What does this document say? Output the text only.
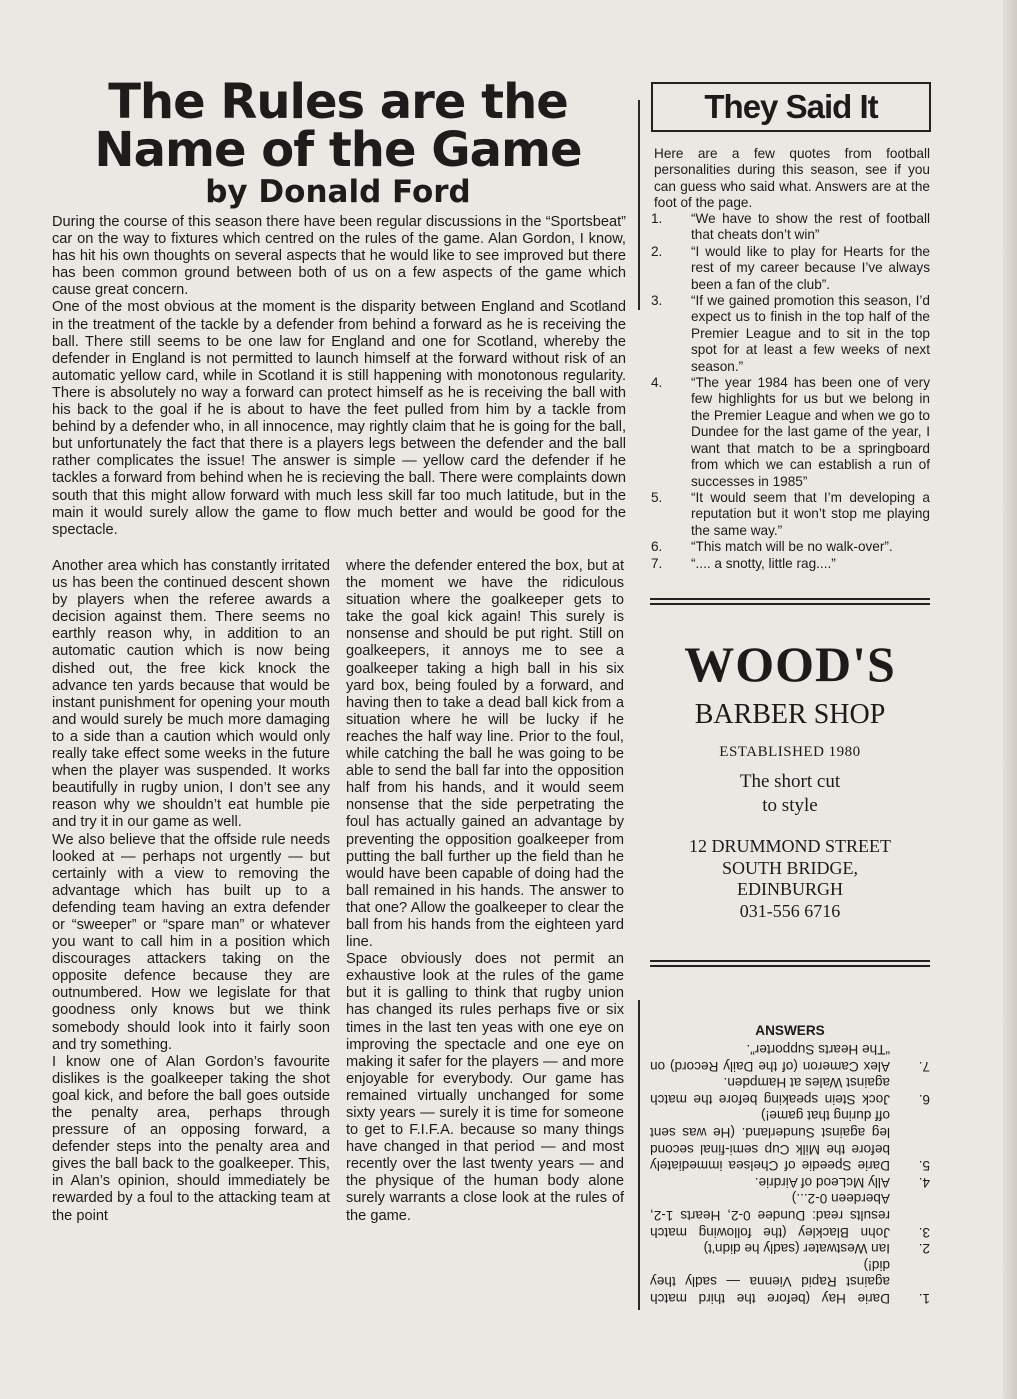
The Rules are the Name of the Game
by Donald Ford

During the course of this season there have been regular discussions in the “Sportsbeat” car on the way to fixtures which centred on the rules of the game. Alan Gordon, I know, has hit his own thoughts on several aspects that he would like to see improved but there has been common ground between both of us on a few aspects of the game which cause great concern.

One of the most obvious at the moment is the disparity between England and Scotland in the treatment of the tackle by a defender from behind a forward as he is receiving the ball. There still seems to be one law for England and one for Scotland, whereby the defender in England is not permitted to launch himself at the forward without risk of an automatic yellow card, while in Scotland it is still happening with monotonous regularity. There is absolutely no way a forward can protect himself as he is receiving the ball with his back to the goal if he is about to have the feet pulled from him by a tackle from behind by a defender who, in all innocence, may rightly claim that he is going for the ball, but unfortunately the fact that there is a players legs between the defender and the ball rather complicates the issue! The answer is simple — yellow card the defender if he tackles a forward from behind when he is recieving the ball. There were complaints down south that this might allow forward with much less skill far too much latitude, but in the main it would surely allow the game to flow much better and would be good for the spectacle.

Another area which has constantly irritated us has been the continued descent shown by players when the referee awards a decision against them. There seems no earthly reason why, in addition to an automatic caution which is now being dished out, the free kick knock the advance ten yards because that would be instant punishment for opening your mouth and would surely be much more damaging to a side than a caution which would only really take effect some weeks in the future when the player was suspended. It works beautifully in rugby union, I don’t see any reason why we shouldn’t eat humble pie and try it in our game as well.

We also believe that the offside rule needs looked at — perhaps not urgently — but certainly with a view to removing the advantage which has built up to a defending team having an extra defender or “sweeper” or “spare man” or whatever you want to call him in a position which discourages attackers taking on the opposite defence because they are outnumbered. How we legislate for that goodness only knows but we think somebody should look into it fairly soon and try something.

I know one of Alan Gordon’s favourite dislikes is the goalkeeper taking the shot goal kick, and before the ball goes outside the penalty area, perhaps through pressure of an opposing forward, a defender steps into the penalty area and gives the ball back to the goalkeeper. This, in Alan’s opinion, should immediately be rewarded by a foul to the attacking team at the point

where the defender entered the box, but at the moment we have the ridiculous situation where the goalkeeper gets to take the goal kick again! This surely is nonsense and should be put right. Still on goalkeepers, it annoys me to see a goalkeeper taking a high ball in his six yard box, being fouled by a forward, and having then to take a dead ball kick from a situation where he will be lucky if he reaches the half way line. Prior to the foul, while catching the ball he was going to be able to send the ball far into the opposition half from his hands, and it would seem nonsense that the side perpetrating the foul has actually gained an advantage by preventing the opposition goalkeeper from putting the ball further up the field than he would have been capable of doing had the ball remained in his hands. The answer to that one? Allow the goalkeeper to clear the ball from his hands from the eighteen yard line.

Space obviously does not permit an exhaustive look at the rules of the game but it is galling to think that rugby union has changed its rules perhaps five or six times in the last ten yeas with one eye on improving the spectacle and one eye on making it safer for the players — and more enjoyable for everybody. Our game has remained virtually unchanged for some sixty years — surely it is time for someone to get to F.I.F.A. because so many things have changed in that period — and most recently over the last twenty years — and the physique of the human body alone surely warrants a close look at the rules of the game.

They Said It
Here are a few quotes from football personalities during this season, see if you can guess who said what. Answers are at the foot of the page.
1.	“We have to show the rest of football that cheats don’t win”
2.	“I would like to play for Hearts for the rest of my career because I’ve always been a fan of the club”.
3.	“If we gained promotion this season, I’d expect us to finish in the top half of the Premier League and to sit in the top spot for at least a few weeks of next season.”
4.	“The year 1984 has been one of very few highlights for us but we belong in the Premier League and when we go to Dundee for the last game of the year, I want that match to be a springboard from which we can establish a run of successes in 1985”
5.	“It would seem that I’m developing a reputation but it won’t stop me playing the same way.”
6.	“This match will be no walk-over”.
7.	“.... a snotty, little rag....”
WOOD'S
BARBER SHOP
ESTABLISHED 1980
The short cut
to style
12 DRUMMOND STREET
SOUTH BRIDGE,
EDINBURGH
031-556 6716
ANSWERS
1.
Darie Hay (before the third match against Rapid Vienna — sadly they did!)
2.
Ian Westwater (sadly he didn’t)
3.
John Blackley (the following match results read: Dundee 0-2, Hearts 1-2, Aberdeen 0-2...)
4.
Ally McLeod of Airdrie.
5.
Darie Speedie of Chelsea immediately before the Milk Cup semi-final second leg against Sunderland. (He was sent off during that game!)
6.
Jock Stein speaking before the match against Wales at Hampden.
7.
Alex Cameron (of the Daily Record) on “The Hearts Supporter”.
